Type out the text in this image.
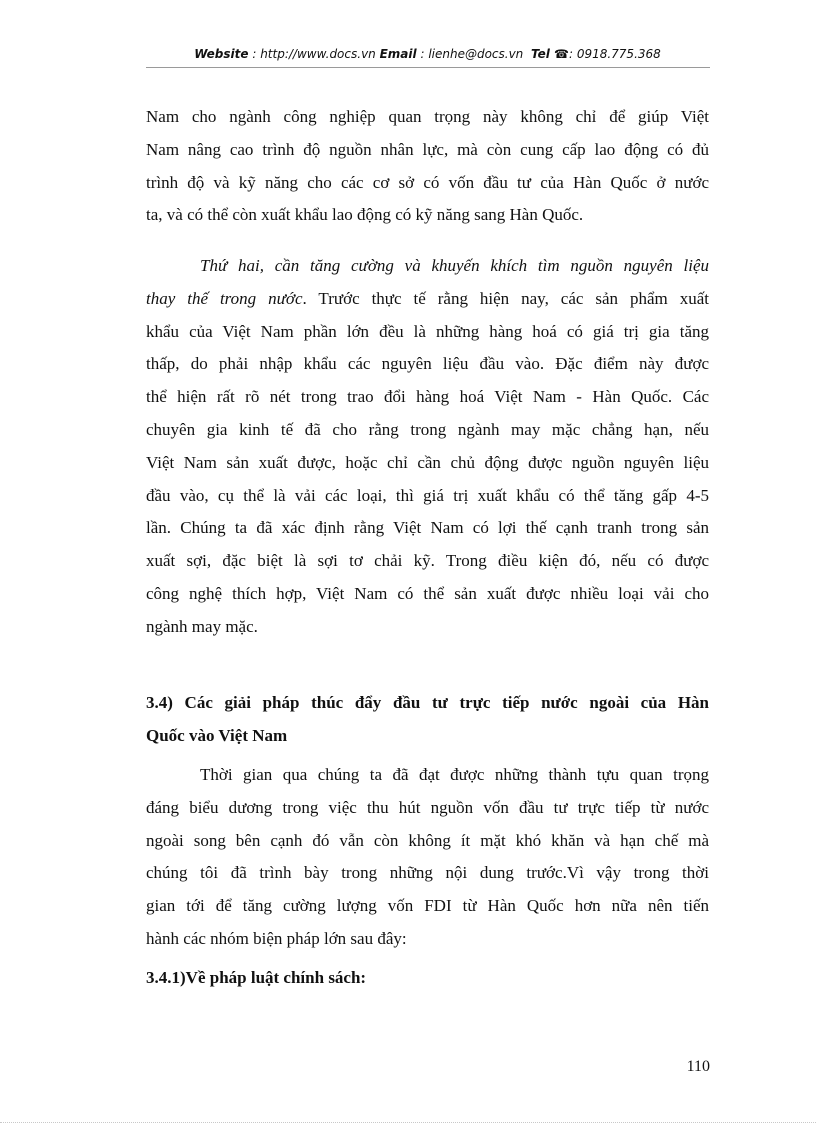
Website : http://www.docs.vn Email : lienhe@docs.vn Tel ☎: 0918.775.368
Nam cho ngành công nghiệp quan trọng này không chỉ để giúp Việt
Nam nâng cao trình độ nguồn nhân lực, mà còn cung cấp lao động có đủ
trình độ và kỹ năng cho các cơ sở có vốn đầu tư của Hàn Quốc ở nước
ta, và có thể còn xuất khẩu lao động có kỹ năng sang Hàn Quốc.
Thứ hai, cần tăng cường và khuyến khích tìm nguồn nguyên liệu
thay thế trong nước. Trước thực tế rằng hiện nay, các sản phẩm xuất
khẩu của Việt Nam phần lớn đều là những hàng hoá có giá trị gia tăng
thấp, do phải nhập khẩu các nguyên liệu đầu vào. Đặc điểm này được
thể hiện rất rõ nét trong trao đổi hàng hoá Việt Nam - Hàn Quốc. Các
chuyên gia kinh tế đã cho rằng trong ngành may mặc chẳng hạn, nếu
Việt Nam sản xuất được, hoặc chỉ cần chủ động được nguồn nguyên liệu
đầu vào, cụ thể là vải các loại, thì giá trị xuất khẩu có thể tăng gấp 4-5
lần. Chúng ta đã xác định rằng Việt Nam có lợi thế cạnh tranh trong sản
xuất sợi, đặc biệt là sợi tơ chải kỹ. Trong điều kiện đó, nếu có được
công nghệ thích hợp, Việt Nam có thể sản xuất được nhiều loại vải cho
ngành may mặc.
3.4) Các giải pháp thúc đẩy đầu tư trực tiếp nước ngoài của Hàn
Quốc vào Việt Nam
Thời gian qua chúng ta đã đạt được những thành tựu quan trọng
đáng biểu dương trong việc thu hút nguồn vốn đầu tư trực tiếp từ nước
ngoài song bên cạnh đó vẫn còn không ít mặt khó khăn và hạn chế mà
chúng tôi đã trình bày trong những nội dung trước.Vì vậy trong thời
gian tới để tăng cường lượng vốn FDI từ Hàn Quốc hơn nữa nên tiến
hành các nhóm biện pháp lớn sau đây:
3.4.1)Về pháp luật chính sách:
110
